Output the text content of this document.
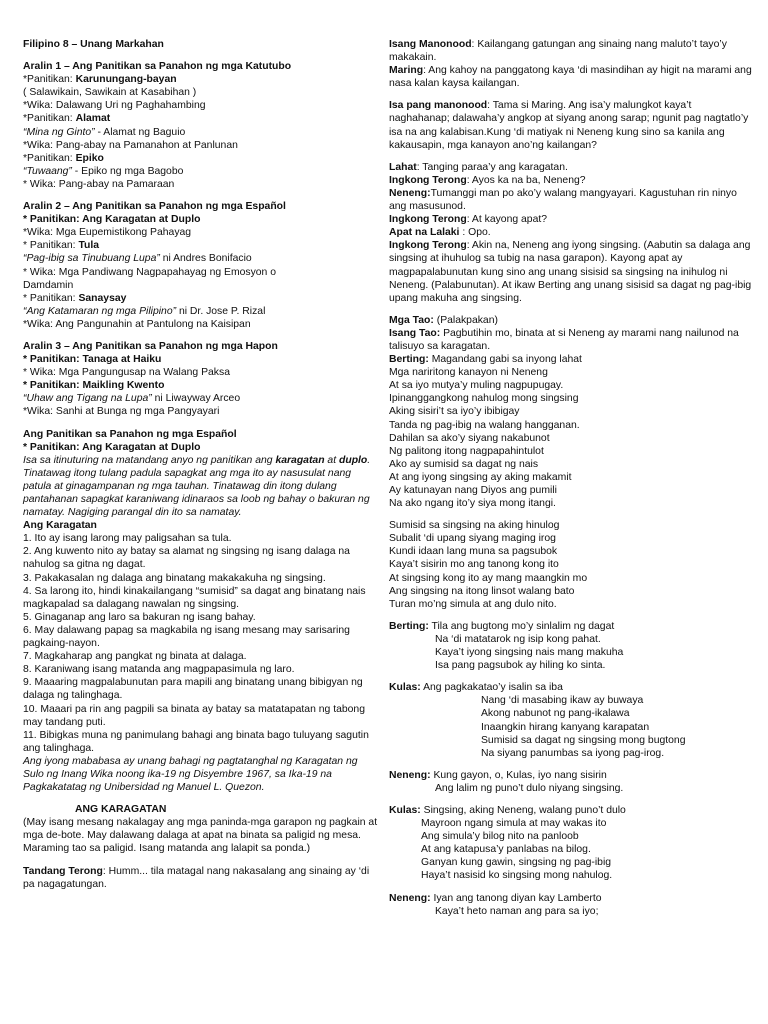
Filipino 8 – Unang Markahan
Aralin 1 – Ang Panitikan sa Panahon ng mga Katutubo
*Panitikan: Karunungang-bayan
( Salawikain, Sawikain at Kasabihan )
*Wika: Dalawang Uri ng Paghahambing
*Panitikan: Alamat
“Mina ng Ginto” - Alamat ng Baguio
*Wika: Pang-abay na Pamanahon at Panlunan
*Panitikan: Epiko
“Tuwaang” - Epiko ng mga Bagobo
* Wika: Pang-abay na Pamaraan
Aralin 2 – Ang Panitikan sa Panahon ng mga Español
* Panitikan: Ang Karagatan at Duplo
*Wika: Mga Eupemistikong Pahayag
* Panitikan: Tula
“Pag-ibig sa Tinubuang Lupa” ni Andres Bonifacio
* Wika: Mga Pandiwang Nagpapahayag ng Emosyon o
Damdamin
* Panitikan: Sanaysay
“Ang Katamaran ng mga Pilipino” ni Dr. Jose P. Rizal
*Wika: Ang Pangunahin at Pantulong na Kaisipan
Aralin 3 – Ang Panitikan sa Panahon ng mga Hapon
* Panitikan: Tanaga at Haiku
* Wika: Mga Pangungusap na Walang Paksa
* Panitikan: Maikling Kwento
“Uhaw ang Tigang na Lupa” ni Liwayway Arceo
*Wika: Sanhi at Bunga ng mga Pangyayari
Ang Panitikan sa Panahon ng mga Español
* Panitikan: Ang Karagatan at Duplo
Isa sa itinuturing na matandang anyo ng panitikan ang karagatan at duplo. Tinatawag itong tulang padula sapagkat ang mga ito ay nasusulat nang patula at ginagampanan ng mga tauhan. Tinatawag din itong dulang pantahanan sapagkat karaniwang idinaraos sa loob ng bahay o bakuran ng namatay. Nagiging parangal din ito sa namatay.
Ang Karagatan
1. Ito ay isang larong may paligsahan sa tula.
2. Ang kuwento nito ay batay sa alamat ng singsing ng isang dalaga na nahulog sa gitna ng dagat.
3. Pakakasalan ng dalaga ang binatang makakakuha ng singsing.
4. Sa larong ito, hindi kinakailangang “sumisid” sa dagat ang binatang nais magkapalad sa dalagang nawalan ng singsing.
5. Ginaganap ang laro sa bakuran ng isang bahay.
6. May dalawang papag sa magkabila ng isang mesang may sarisaring pagkaing-nayon.
7. Magkaharap ang pangkat ng binata at dalaga.
8. Karaniwang isang matanda ang magpapasimula ng laro.
9. Maaaring magpalabunutan para mapili ang binatang unang bibigyan ng dalaga ng talinghaga.
10. Maaari pa rin ang pagpili sa binata ay batay sa matatapatan ng tabong may tandang puti.
11. Bibigkas muna ng panimulang bahagi ang binata bago tuluyang sagutin ang talinghaga.
Ang iyong mababasa ay unang bahagi ng pagtatanghal ng Karagatan ng Sulo ng Inang Wika noong ika-19 ng Disyembre 1967, sa Ika-19 na Pagkakatatag ng Unibersidad ng Manuel L. Quezon.
ANG KARAGATAN
(May isang mesang nakalagay ang mga paninda-mga garapon ng pagkain at mga de-bote. May dalawang dalaga at apat na binata sa paligid ng mesa. Maraming tao sa paligid. Isang matanda ang lalapit sa ponda.)
Tandang Terong: Humm... tila matagal nang nakasalang ang sinaing ay ‘di pa nagagatungan.
Isang Manonood: Kailangang gatungan ang sinaing nang maluto’t tayo’y makakain.
Maring: Ang kahoy na panggatong kaya ‘di masindihan ay higit na marami ang nasa kalan kaysa kailangan.
Isa pang manonood: Tama si Maring. Ang isa’y malungkot kaya’t naghahanap; dalawaha’y angkop at siyang anong sarap; ngunit pag nagtatlo’y isa na ang kalabisan.Kung ‘di matiyak ni Neneng kung sino sa kanila ang kakausapin, mga kanayon ano’ng kailangan?
Lahat: Tanging paraa’y ang karagatan.
Ingkong Terong: Ayos ka na ba, Neneng?
Neneng:Tumanggi man po ako’y walang mangyayari. Kagustuhan rin ninyo ang masusunod.
Ingkong Terong: At kayong apat?
Apat na Lalaki : Opo.
Ingkong Terong: Akin na, Neneng ang iyong singsing. (Aabutin sa dalaga ang singsing at ihuhulog sa tubig na nasa garapon). Kayong apat ay magpapalabunutan kung sino ang unang sisisid sa singsing na inihulog ni Neneng. (Palabunutan). At ikaw Berting ang unang sisisid sa dagat ng pag-ibig upang makuha ang singsing.
Mga Tao: (Palakpakan)
Isang Tao: Pagbutihin mo, binata at si Neneng ay marami nang nailunod na talisuyo sa karagatan.
Berting: Magandang gabi sa inyong lahat
Mga nariritong kanayon ni Neneng
At sa iyo mutya’y muling nagpupugay.
Ipinanggangkong nahulog mong singsing
Aking sisiri’t sa iyo’y ibibigay
Tanda ng pag-ibig na walang hangganan.
Dahilan sa ako’y siyang nakabunot
Ng palitong itong nagpapahintulot
Ako ay sumisid sa dagat ng nais
At ang iyong singsing ay aking makamit
Ay katunayan nang Diyos ang pumili
Na ako ngang ito’y siya mong itangi.
Sumisid sa singsing na aking hinulog
Subalit ‘di upang siyang maging irog
Kundi idaan lang muna sa pagsubok
Kaya’t sisirin mo ang tanong kong ito
At singsing kong ito ay mang maangkin mo
Ang singsing na itong linsot walang bato
Turan mo’ng simula at ang dulo nito.
Berting: Tila ang bugtong mo’y sinlalim ng dagat
Na ‘di matatarok ng isip kong pahat.
Kaya’t iyong singsing nais mang makuha
Isa pang pagsubok ay hiling ko sinta.
Kulas: Ang pagkakatao’y isalin sa iba
Nang ‘di masabing ikaw ay buwaya
Akong nabunot ng pang-ikalawa
Inaangkin hirang kanyang karapatan
Sumisid sa dagat ng singsing mong bugtong
Na siyang panumbas sa iyong pag-irog.
Neneng: Kung gayon, o, Kulas, iyo nang sisirin
Ang lalim ng puno’t dulo niyang singsing.
Kulas: Singsing, aking Neneng, walang puno’t dulo
Mayroon ngang simula at may wakas ito
Ang simula’y bilog nito na panloob
At ang katapusa’y panlabas na bilog.
Ganyan kung gawin, singsing ng pag-ibig
Haya’t nasisid ko singsing mong nahulog.
Neneng: Iyan ang tanong diyan kay Lamberto
Kaya’t heto naman ang para sa iyo;
